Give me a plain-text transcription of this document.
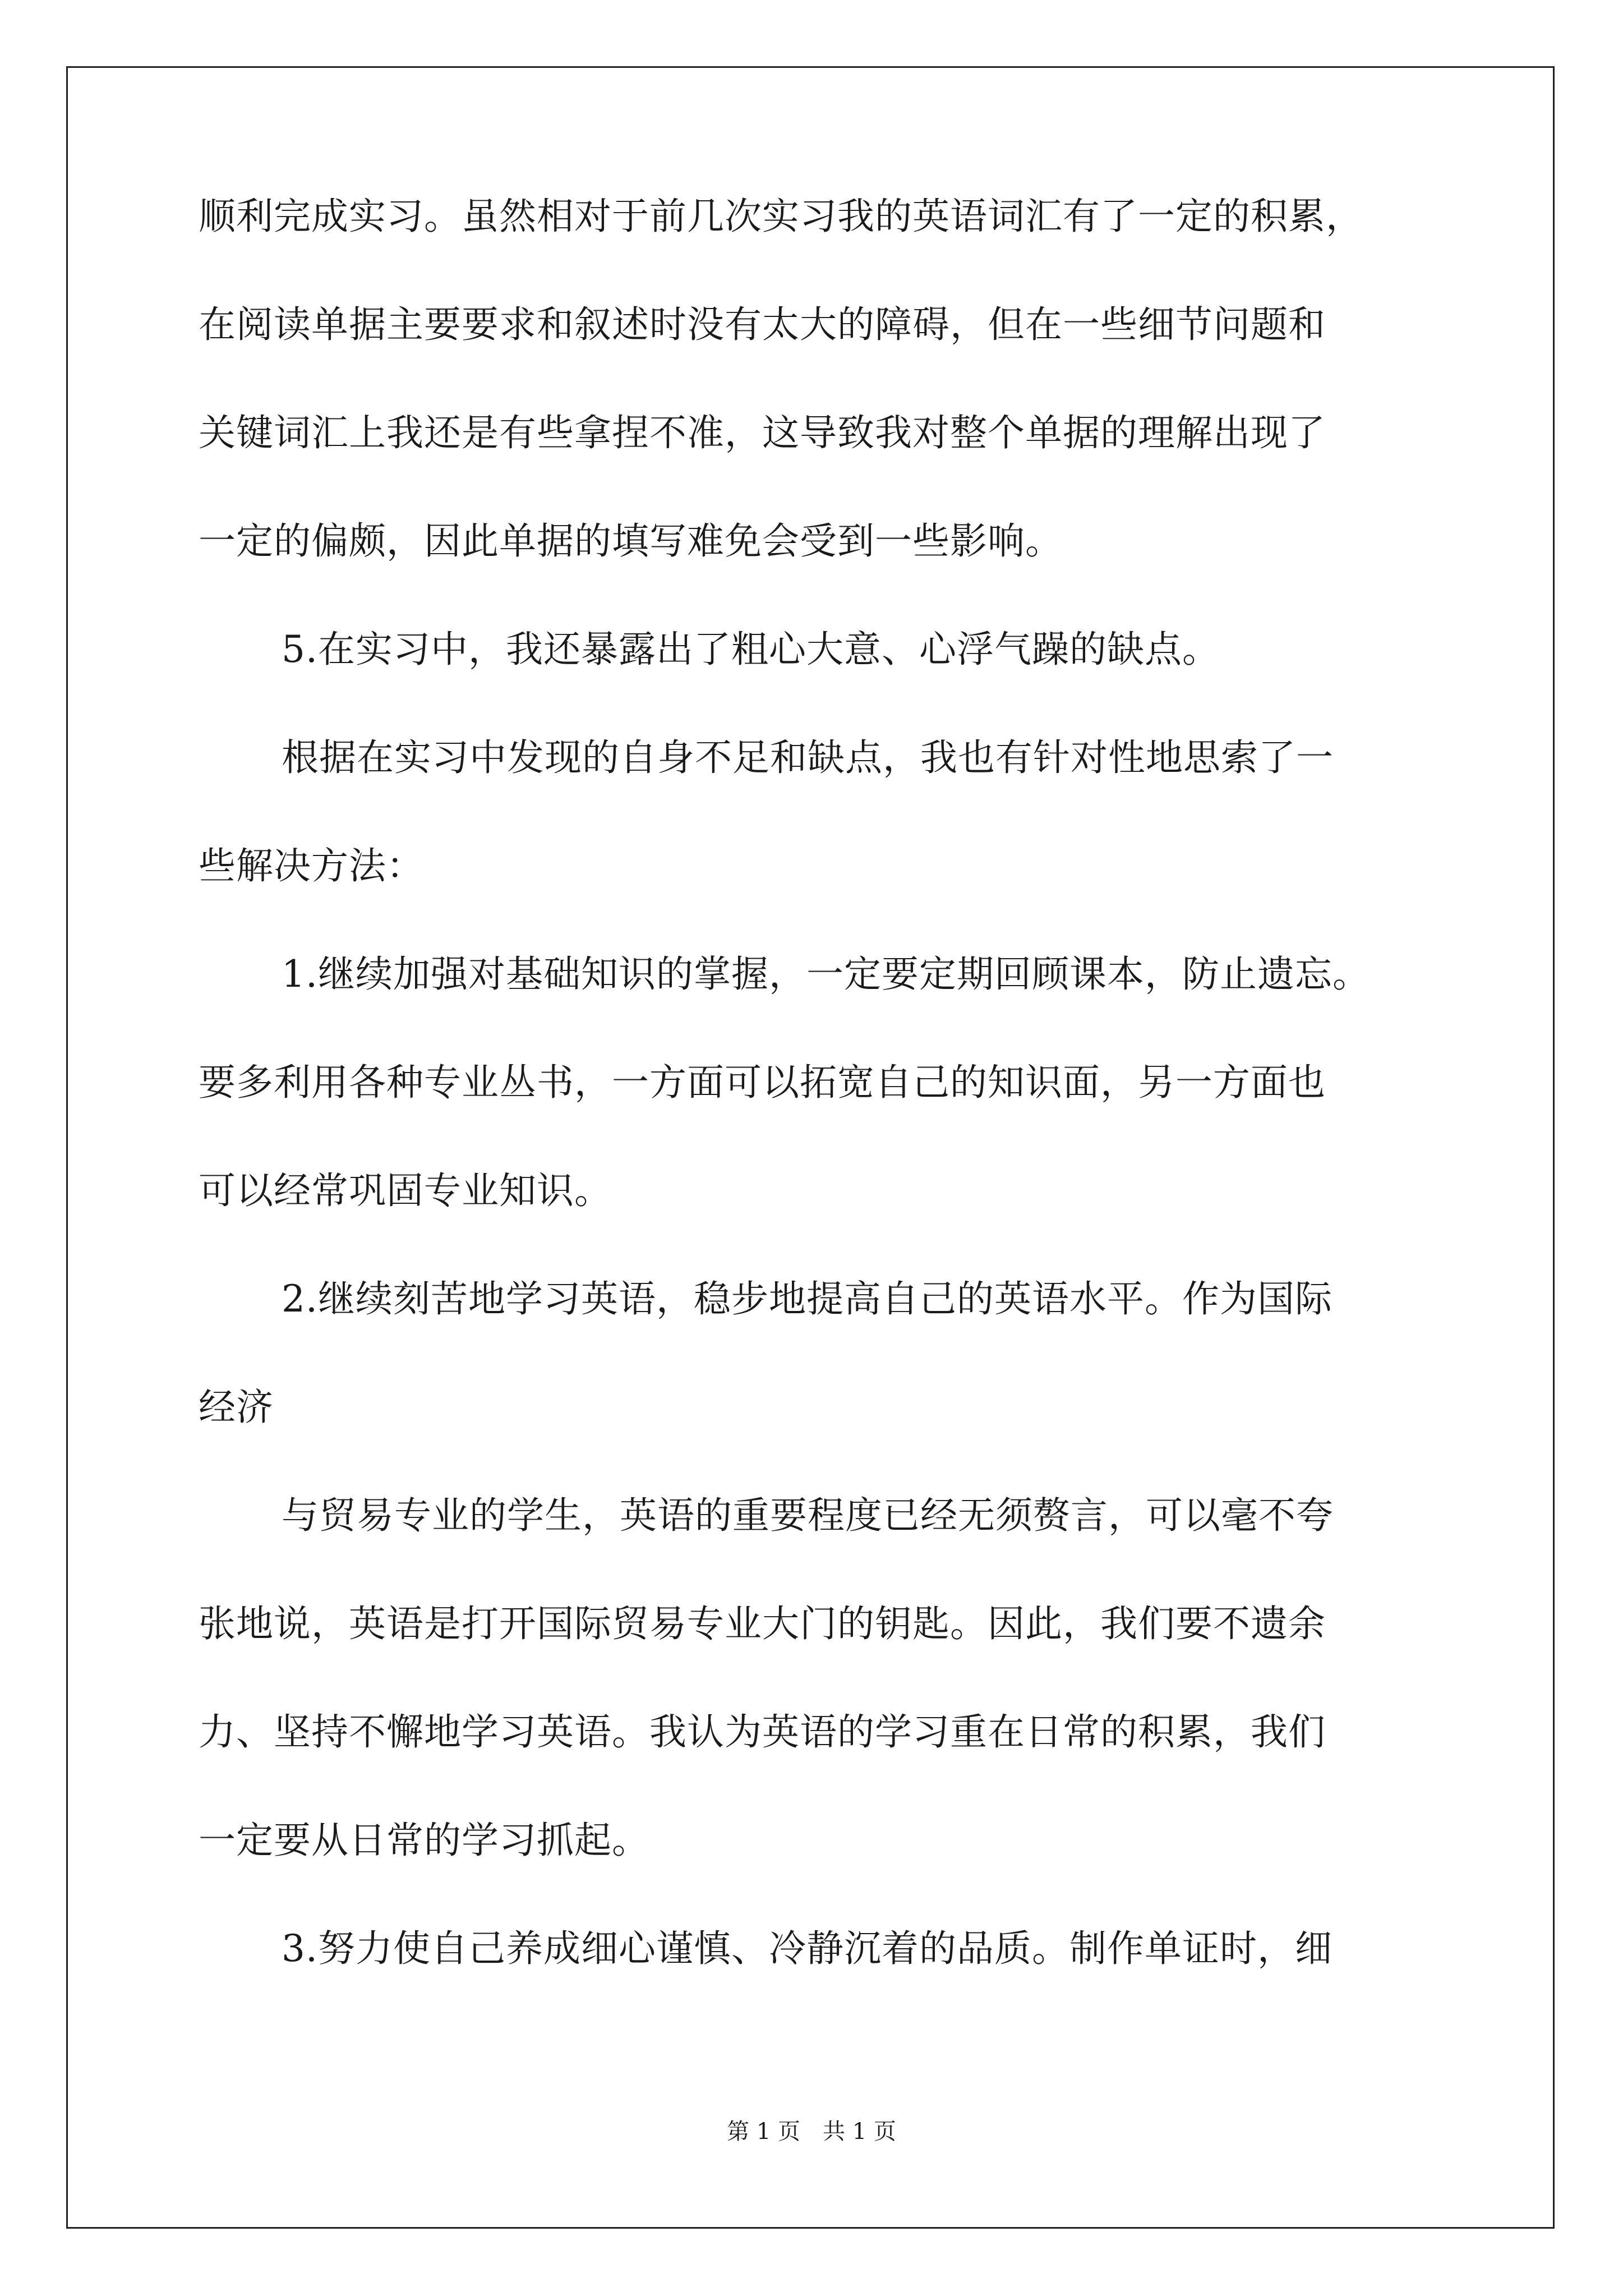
顺利完成实习。虽然相对于前几次实习我的英语词汇有了一定的积累，
在阅读单据主要要求和叙述时没有太大的障碍，但在一些细节问题和
关键词汇上我还是有些拿捏不准，这导致我对整个单据的理解出现了
一定的偏颇，因此单据的填写难免会受到一些影响。
5.在实习中，我还暴露出了粗心大意、心浮气躁的缺点。
根据在实习中发现的自身不足和缺点，我也有针对性地思索了一
些解决方法：
1.继续加强对基础知识的掌握，一定要定期回顾课本，防止遗忘。
要多利用各种专业丛书，一方面可以拓宽自己的知识面，另一方面也
可以经常巩固专业知识。
2.继续刻苦地学习英语，稳步地提高自己的英语水平。作为国际
经济
与贸易专业的学生，英语的重要程度已经无须赘言，可以毫不夸
张地说，英语是打开国际贸易专业大门的钥匙。因此，我们要不遗余
力、坚持不懈地学习英语。我认为英语的学习重在日常的积累，我们
一定要从日常的学习抓起。
3.努力使自己养成细心谨慎、冷静沉着的品质。制作单证时，细
第 1 页　共 1 页
